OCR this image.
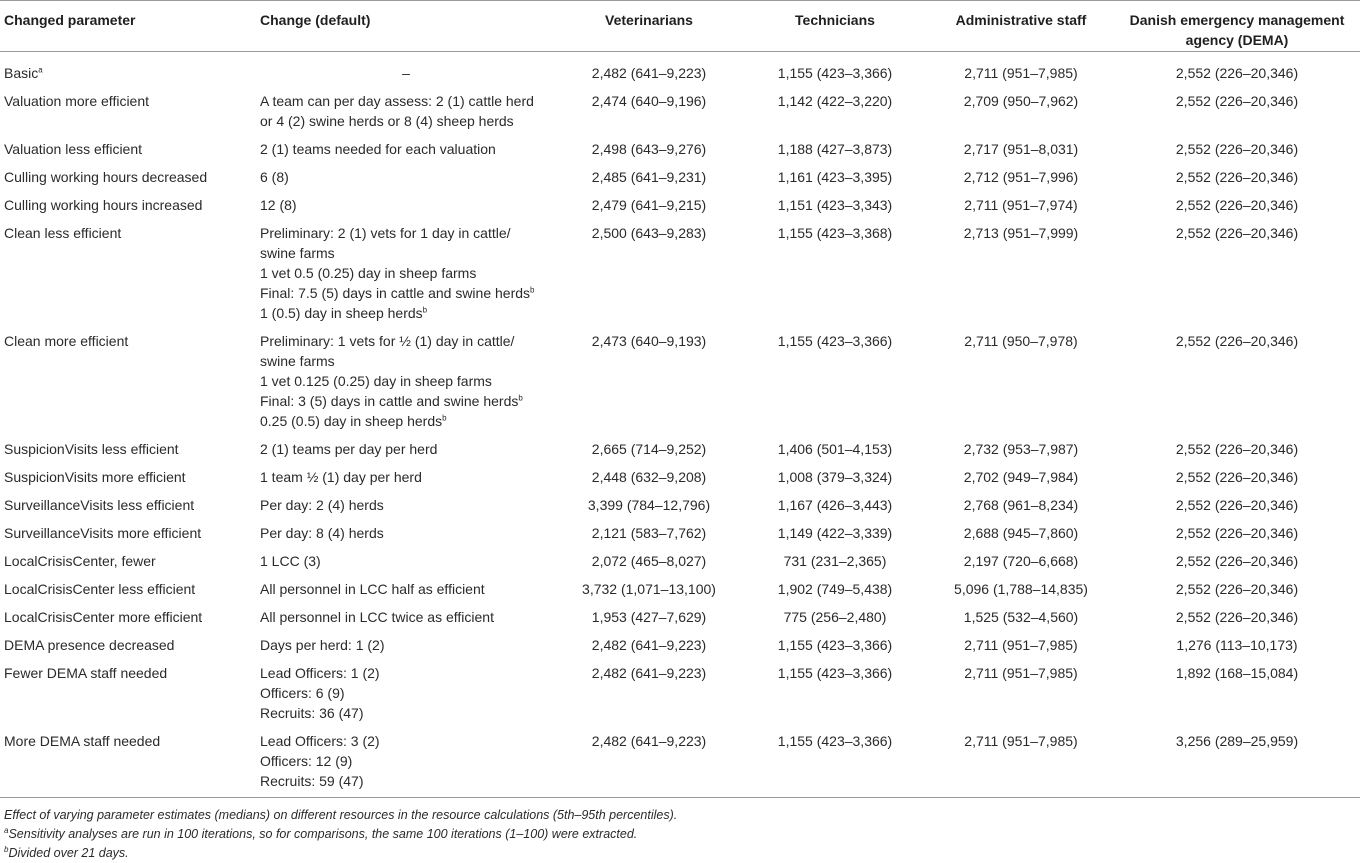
Changed parameter	Change (default)	Veterinarians	Technicians	Administrative staff	Danish emergency management agency (DEMA)
Basic$^a$	–	2,482 (641–9,223)	1,155 (423–3,366)	2,711 (951–7,985)	2,552 (226–20,346)
Valuation more efficient	A team can per day assess: 2 (1) cattle herd
or 4 (2) swine herds or 8 (4) sheep herds	2,474 (640–9,196)	1,142 (422–3,220)	2,709 (950–7,962)	2,552 (226–20,346)
Valuation less efficient	2 (1) teams needed for each valuation	2,498 (643–9,276)	1,188 (427–3,873)	2,717 (951–8,031)	2,552 (226–20,346)
Culling working hours decreased	6 (8)	2,485 (641–9,231)	1,161 (423–3,395)	2,712 (951–7,996)	2,552 (226–20,346)
Culling working hours increased	12 (8)	2,479 (641–9,215)	1,151 (423–3,343)	2,711 (951–7,974)	2,552 (226–20,346)
Clean less efficient	Preliminary: 2 (1) vets for 1 day in cattle/
swine farms
1 vet 0.5 (0.25) day in sheep farms
Final: 7.5 (5) days in cattle and swine herds$^b$
1 (0.5) day in sheep herds$^b$	2,500 (643–9,283)	1,155 (423–3,368)	2,713 (951–7,999)	2,552 (226–20,346)
Clean more efficient	Preliminary: 1 vets for ½ (1) day in cattle/
swine farms
1 vet 0.125 (0.25) day in sheep farms
Final: 3 (5) days in cattle and swine herds$^b$
0.25 (0.5) day in sheep herds$^b$	2,473 (640–9,193)	1,155 (423–3,366)	2,711 (950–7,978)	2,552 (226–20,346)
SuspicionVisits less efficient	2 (1) teams per day per herd	2,665 (714–9,252)	1,406 (501–4,153)	2,732 (953–7,987)	2,552 (226–20,346)
SuspicionVisits more efficient	1 team ½ (1) day per herd	2,448 (632–9,208)	1,008 (379–3,324)	2,702 (949–7,984)	2,552 (226–20,346)
SurveillanceVisits less efficient	Per day: 2 (4) herds	3,399 (784–12,796)	1,167 (426–3,443)	2,768 (961–8,234)	2,552 (226–20,346)
SurveillanceVisits more efficient	Per day: 8 (4) herds	2,121 (583–7,762)	1,149 (422–3,339)	2,688 (945–7,860)	2,552 (226–20,346)
LocalCrisisCenter, fewer	1 LCC (3)	2,072 (465–8,027)	731 (231–2,365)	2,197 (720–6,668)	2,552 (226–20,346)
LocalCrisisCenter less efficient	All personnel in LCC half as efficient	3,732 (1,071–13,100)	1,902 (749–5,438)	5,096 (1,788–14,835)	2,552 (226–20,346)
LocalCrisisCenter more efficient	All personnel in LCC twice as efficient	1,953 (427–7,629)	775 (256–2,480)	1,525 (532–4,560)	2,552 (226–20,346)
DEMA presence decreased	Days per herd: 1 (2)	2,482 (641–9,223)	1,155 (423–3,366)	2,711 (951–7,985)	1,276 (113–10,173)
Fewer DEMA staff needed	Lead Officers: 1 (2)
Officers: 6 (9)
Recruits: 36 (47)	2,482 (641–9,223)	1,155 (423–3,366)	2,711 (951–7,985)	1,892 (168–15,084)
More DEMA staff needed	Lead Officers: 3 (2)
Officers: 12 (9)
Recruits: 59 (47)	2,482 (641–9,223)	1,155 (423–3,366)	2,711 (951–7,985)	3,256 (289–25,959)
Effect of varying parameter estimates (medians) on different resources in the resource calculations (5th–95th percentiles).
$^a$Sensitivity analyses are run in 100 iterations, so for comparisons, the same 100 iterations (1–100) were extracted.
$^b$Divided over 21 days.
